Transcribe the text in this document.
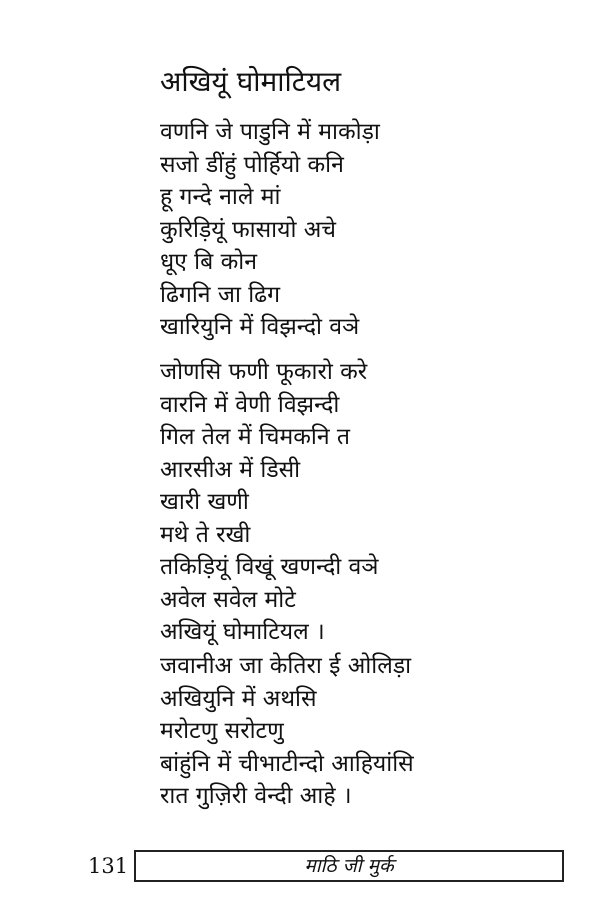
अखियूं घोमाटियल
वणनि जे पाडुनि में माकोड़ा
सजो डींहुं पोर्हियो कनि
हू गन्दे नाले मां
कुरिड़ियूं फासायो अचे
धूए बि कोन
ढिगनि जा ढिग
खारियुनि में विझन्दो वञे
जोणसि फणी फूकारो करे
वारनि में वेणी विझन्दी
गिल तेल में चिमकनि त
आरसीअ में डिसी
खारी खणी
मथे ते रखी
तकिड़ियूं विखूं खणन्दी वञे
अवेल सवेल मोटे
अखियूं घोमाटियल ।
जवानीअ जा केतिरा ई ओलिड़ा
अखियुनि में अथसि
मरोटणु सरोटणु
बांहुंनि में चीभाटीन्दो आहियांसि
रात गुज़िरी वेन्दी आहे ।
131	माठि जी मुर्क
